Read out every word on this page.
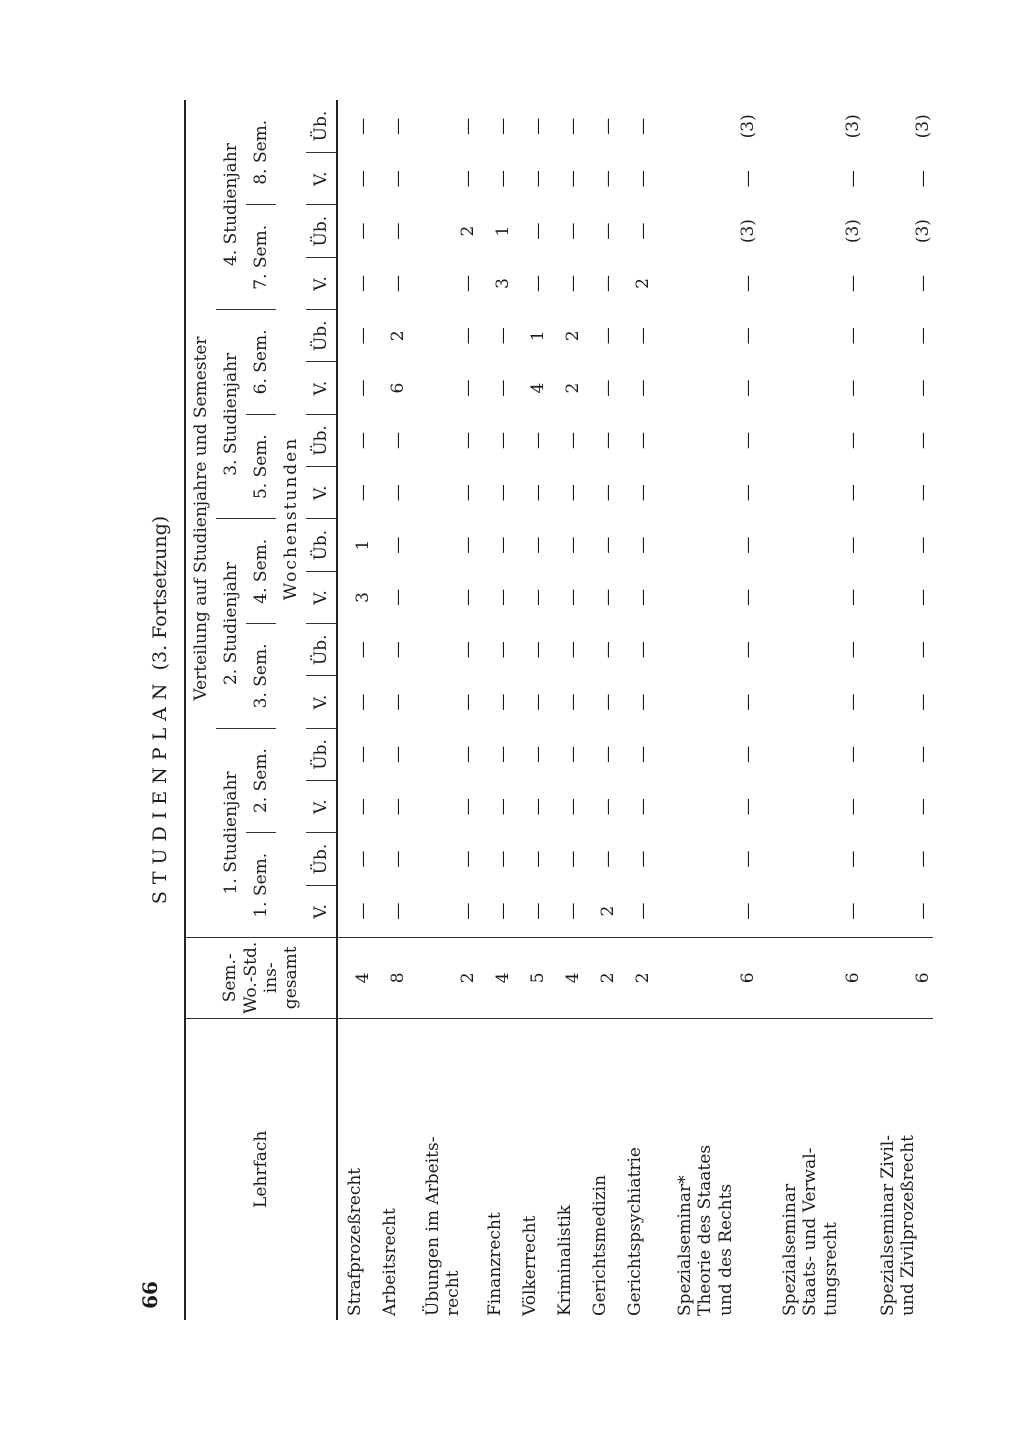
66
STUDIENPLAN (3. Fortsetzung)
Lehrfach	Sem.- Wo.-Std. ins- gesamt	Verteilung auf Studienjahre und Semester															
		1. Studienjahr				2. Studienjahr				3. Studienjahr				4. Studienjahr			
		1. Sem.		2. Sem.		3. Sem.		4. Sem.		5. Sem.		6. Sem.		7. Sem.		8. Sem.	
		Wochenstunden															
		V.	Üb.	V.	Üb.	V.	Üb.	V.	Üb.	V.	Üb.	V.	Üb.	V.	Üb.	V.	Üb.

Strafprozeßrecht	4	—	—	—	—	—	—	3	1	—	—	—	—	—	—	—	—

Arbeitsrecht	8	—	—	—	—	—	—	—	—	—	—	6	2	—	—	—	—

Übungen im Arbeits- recht	2	—	—	—	—	—	—	—	—	—	—	—	—	—	2	—	—

Finanzrecht	4	—	—	—	—	—	—	—	—	—	—	—	—	3	1	—	—

Völkerrecht	5	—	—	—	—	—	—	—	—	—	—	4	1	—	—	—	—

Kriminalistik	4	—	—	—	—	—	—	—	—	—	—	2	2	—	—	—	—

Gerichtsmedizin	2	2	—	—	—	—	—	—	—	—	—	—	—	—	—	—	—

Gerichtspsychiatrie	2	—	—	—	—	—	—	—	—	—	—	—	—	2	—	—	—

Spezialseminar* Theorie des Staates und des Rechts	6	—	—	—	—	—	—	—	—	—	—	—	—	—	(3)	—	(3)

Spezialseminar Staats- und Verwal- tungsrecht	6	—	—	—	—	—	—	—	—	—	—	—	—	—	(3)	—	(3)

Spezialseminar Zivil- und Zivilprozeßrecht	6	—	—	—	—	—	—	—	—	—	—	—	—	—	(3)	—	(3)
